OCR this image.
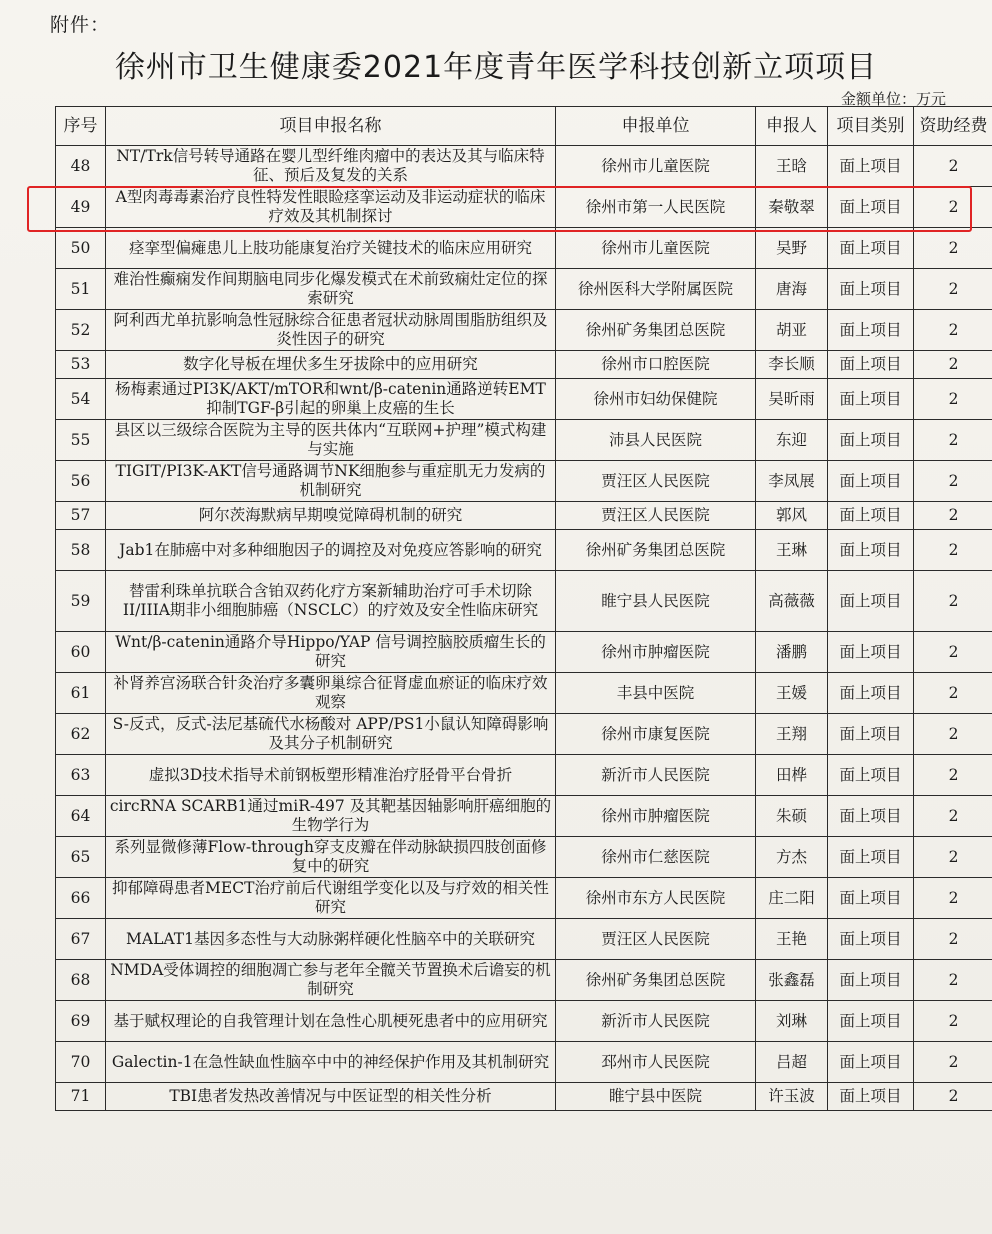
附件：
徐州市卫生健康委2021年度青年医学科技创新立项项目
金额单位：万元
序号	项目申报名称	申报单位	申报人	项目类别	资助经费
48	NT/Trk信号转导通路在婴儿型纤维肉瘤中的表达及其与临床特征、预后及复发的关系	徐州市儿童医院	王晗	面上项目	2
49	A型肉毒毒素治疗良性特发性眼睑痉挛运动及非运动症状的临床疗效及其机制探讨	徐州市第一人民医院	秦敬翠	面上项目	2
50	痉挛型偏瘫患儿上肢功能康复治疗关键技术的临床应用研究	徐州市儿童医院	吴野	面上项目	2
51	难治性癫痫发作间期脑电同步化爆发模式在术前致痫灶定位的探索研究	徐州医科大学附属医院	唐海	面上项目	2
52	阿利西尤单抗影响急性冠脉综合征患者冠状动脉周围脂肪组织及炎性因子的研究	徐州矿务集团总医院	胡亚	面上项目	2
53	数字化导板在埋伏多生牙拔除中的应用研究	徐州市口腔医院	李长顺	面上项目	2
54	杨梅素通过PI3K/AKT/mTOR和wnt/β-catenin通路逆转EMT抑制TGF-β引起的卵巢上皮癌的生长	徐州市妇幼保健院	吴昕雨	面上项目	2
55	县区以三级综合医院为主导的医共体内“互联网+护理”模式构建与实施	沛县人民医院	东迎	面上项目	2
56	TIGIT/PI3K-AKT信号通路调节NK细胞参与重症肌无力发病的机制研究	贾汪区人民医院	李凤展	面上项目	2
57	阿尔茨海默病早期嗅觉障碍机制的研究	贾汪区人民医院	郭风	面上项目	2
58	Jab1在肺癌中对多种细胞因子的调控及对免疫应答影响的研究	徐州矿务集团总医院	王琳	面上项目	2
59	替雷利珠单抗联合含铂双药化疗方案新辅助治疗可手术切除II/IIIA期非小细胞肺癌（NSCLC）的疗效及安全性临床研究	睢宁县人民医院	高薇薇	面上项目	2
60	Wnt/β-catenin通路介导Hippo/YAP 信号调控脑胶质瘤生长的研究	徐州市肿瘤医院	潘鹏	面上项目	2
61	补肾养宫汤联合针灸治疗多囊卵巢综合征肾虚血瘀证的临床疗效观察	丰县中医院	王媛	面上项目	2
62	S-反式，反式-法尼基硫代水杨酸对 APP/PS1小鼠认知障碍影响及其分子机制研究	徐州市康复医院	王翔	面上项目	2
63	虚拟3D技术指导术前钢板塑形精准治疗胫骨平台骨折	新沂市人民医院	田桦	面上项目	2
64	circRNA SCARB1通过miR-497 及其靶基因轴影响肝癌细胞的生物学行为	徐州市肿瘤医院	朱硕	面上项目	2
65	系列显微修薄Flow-through穿支皮瓣在伴动脉缺损四肢创面修复中的研究	徐州市仁慈医院	方杰	面上项目	2
66	抑郁障碍患者MECT治疗前后代谢组学变化以及与疗效的相关性研究	徐州市东方人民医院	庄二阳	面上项目	2
67	MALAT1基因多态性与大动脉粥样硬化性脑卒中的关联研究	贾汪区人民医院	王艳	面上项目	2
68	NMDA受体调控的细胞凋亡参与老年全髋关节置换术后谵妄的机制研究	徐州矿务集团总医院	张鑫磊	面上项目	2
69	基于赋权理论的自我管理计划在急性心肌梗死患者中的应用研究	新沂市人民医院	刘琳	面上项目	2
70	Galectin-1在急性缺血性脑卒中中的神经保护作用及其机制研究	邳州市人民医院	吕超	面上项目	2
71	TBI患者发热改善情况与中医证型的相关性分析	睢宁县中医院	许玉波	面上项目	2
